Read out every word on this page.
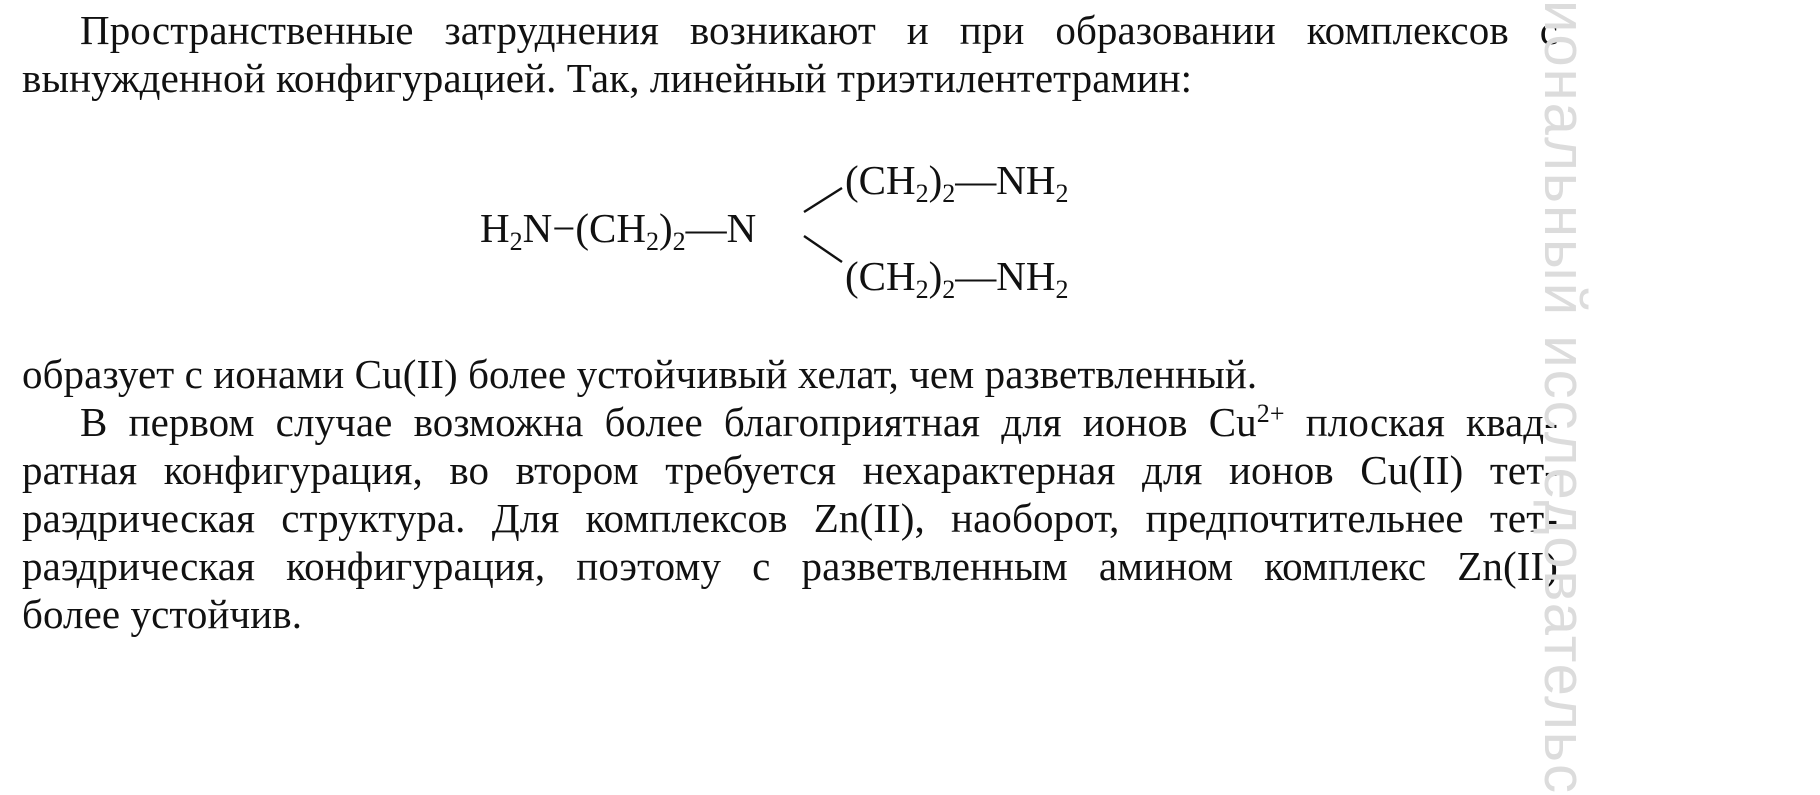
Пространственные затруднения возникают и при образовании комплексов с
вынужденной конфигурацией. Так, линейный триэтилентетрамин:
H2N−(CH2)2—N
(CH2)2—NH2
(CH2)2—NH2
образует с ионами Cu(II) более устойчивый хелат, чем разветвленный.
В первом случае возможна более благоприятная для ионов $Cu^{2+}$ плоская квад-
ратная конфигурация, во втором требуется нехарактерная для ионов Cu(II) тет-
раэдрическая структура. Для комплексов Zn(II), наоборот, предпочтительнее тет-
раэдрическая конфигурация, поэтому с разветвленным амином комплекс Zn(II)
более устойчив.	иональный исследовательс
